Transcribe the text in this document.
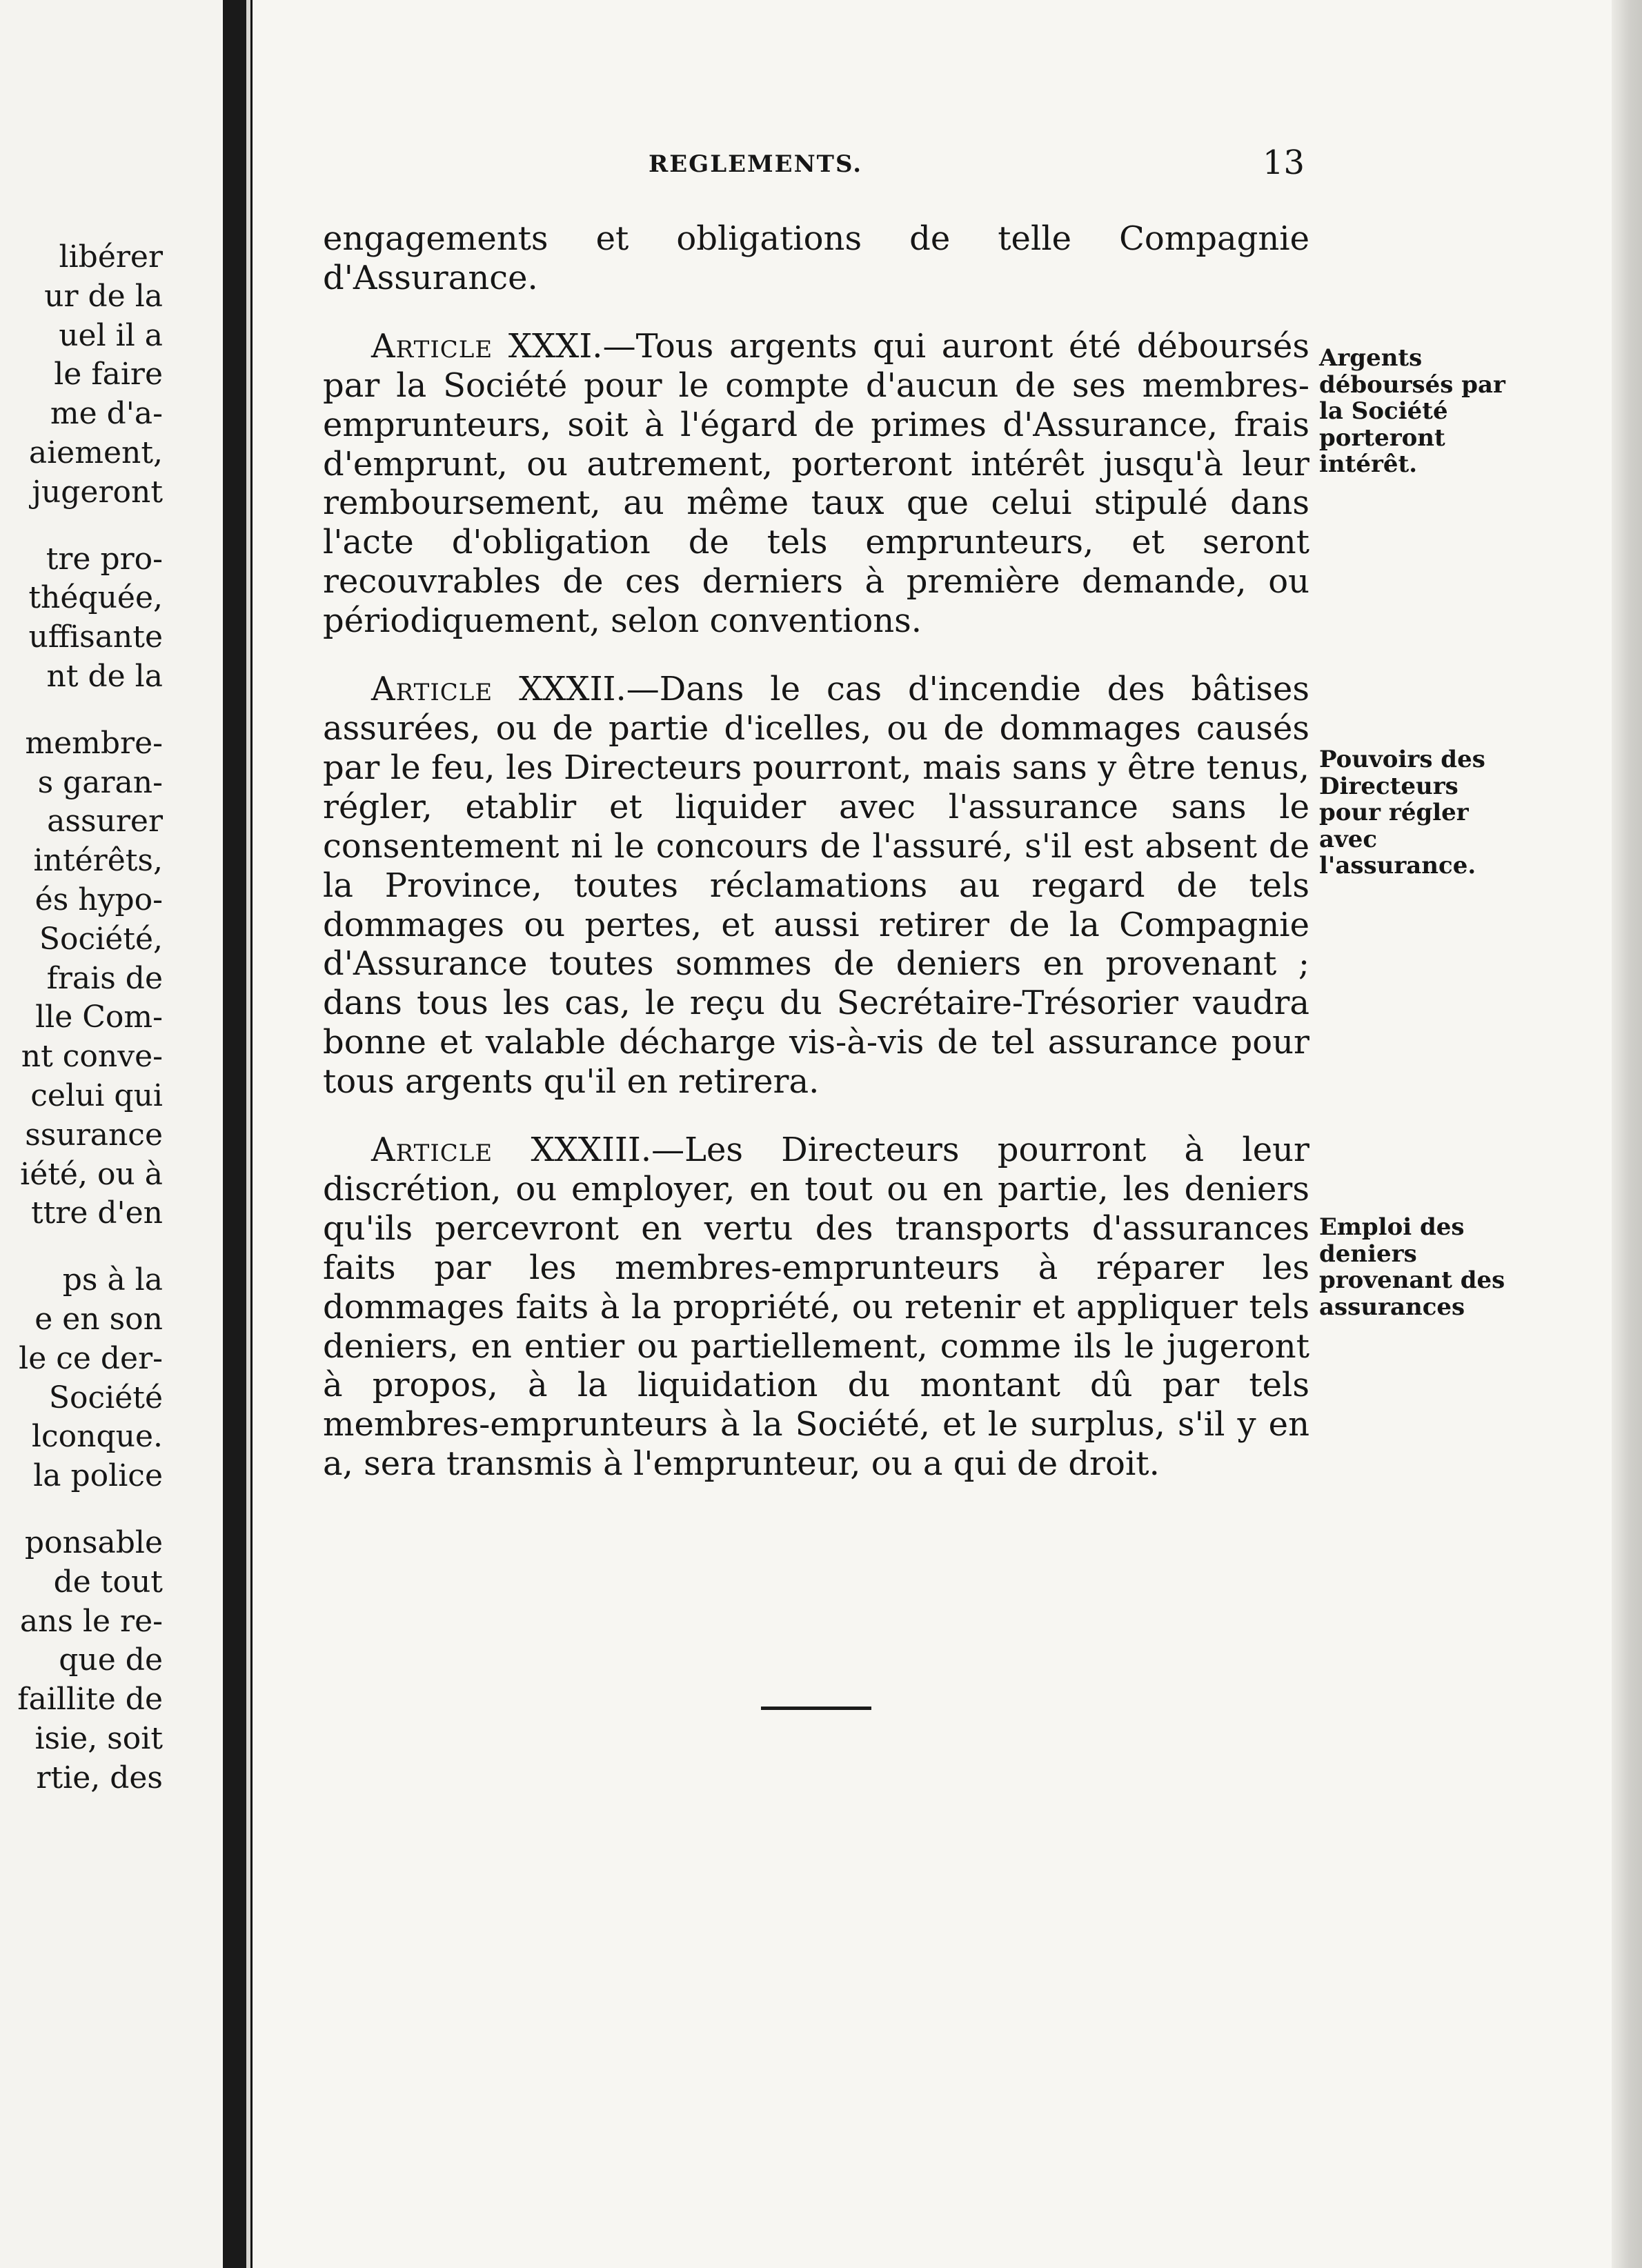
libérer
ur de la
uel il a
le faire
me d'a-
aiement,
jugeront
tre pro-
théquée,
uffisante
nt de la
membre-
s garan-
assurer
intérêts,
és hypo-
Société,
frais de
lle Com-
nt conve-
celui qui
ssurance
iété, ou à
ttre d'en
ps à la
e en son
le ce der-
Société
lconque.
la police
ponsable
de tout
ans le re-
que de
faillite de
isie, soit
rtie, des
REGLEMENTS.	13

engagements et obligations de telle Compagnie d'Assurance.

Article XXXI.—Tous argents qui auront été déboursés par la Société pour le compte d'aucun de ses membres-emprunteurs, soit à l'égard de primes d'Assurance, frais d'emprunt, ou autrement, porteront intérêt jusqu'à leur remboursement, au même taux que celui stipulé dans l'acte d'obligation de tels emprunteurs, et seront recouvrables de ces derniers à première demande, ou périodiquement, selon conventions.

Article XXXII.—Dans le cas d'incendie des bâtises assurées, ou de partie d'icelles, ou de dommages causés par le feu, les Directeurs pourront, mais sans y être tenus, régler, etablir et liquider avec l'assurance sans le consentement ni le concours de l'assuré, s'il est absent de la Province, toutes réclamations au regard de tels dommages ou pertes, et aussi retirer de la Compagnie d'Assurance toutes sommes de deniers en provenant ; dans tous les cas, le reçu du Secrétaire-Trésorier vaudra bonne et valable décharge vis-à-vis de tel assurance pour tous argents qu'il en retirera.

Article XXXIII.—Les Directeurs pourront à leur discrétion, ou employer, en tout ou en partie, les deniers qu'ils percevront en vertu des transports d'assurances faits par les membres-emprunteurs à réparer les dommages faits à la propriété, ou retenir et appliquer tels deniers, en entier ou partiellement, comme ils le jugeront à propos, à la liquidation du montant dû par tels membres-emprunteurs à la Société, et le surplus, s'il y en a, sera transmis à l'emprunteur, ou a qui de droit.

Argents déboursés par la Société porteront intérêt.
Pouvoirs des Directeurs pour régler avec l'assurance.
Emploi des deniers provenant des assurances
